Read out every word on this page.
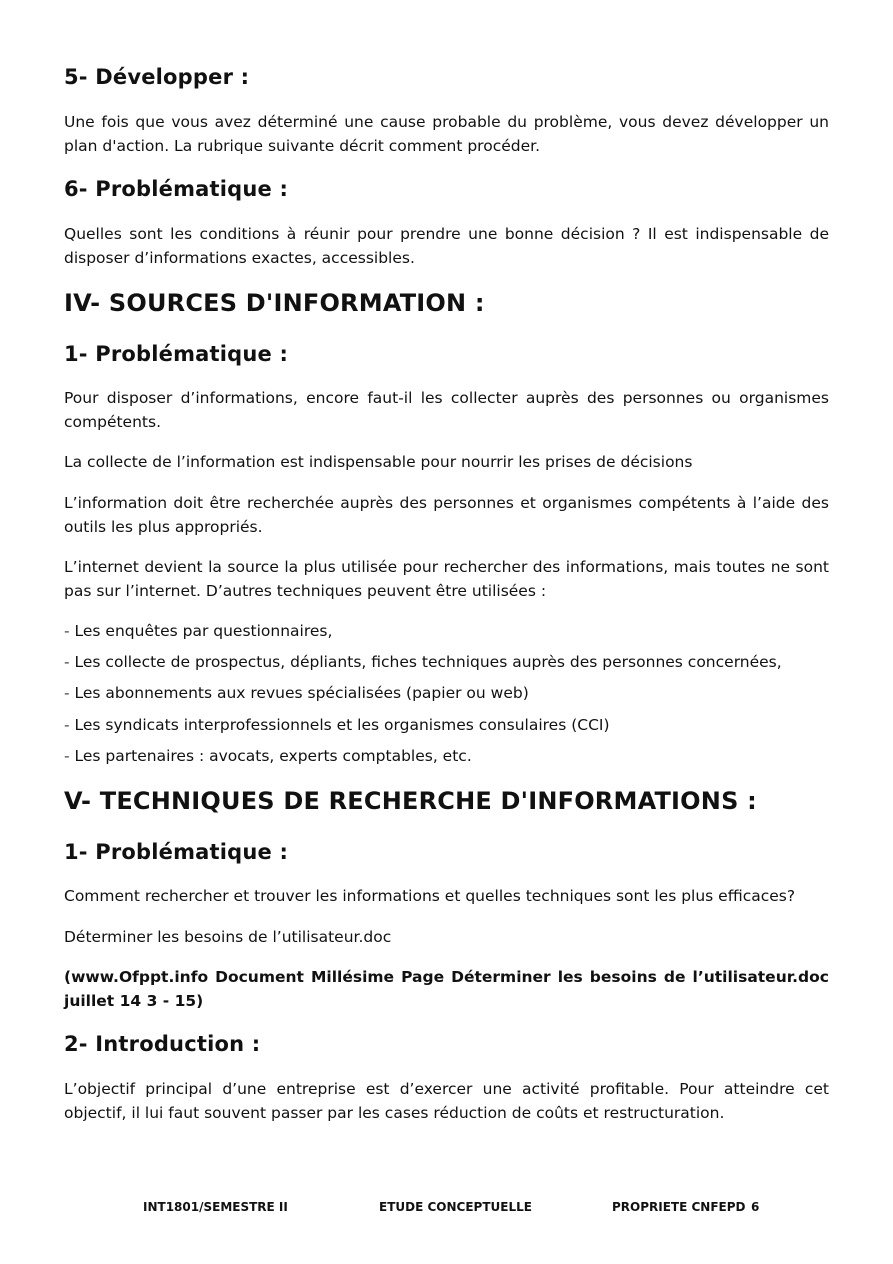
5- Développer :

Une fois que vous avez déterminé une cause probable du problème, vous devez développer un plan d'action. La rubrique suivante décrit comment procéder.

6- Problématique :

Quelles sont les conditions à réunir pour prendre une bonne décision ? Il est indispensable de disposer d’informations exactes, accessibles.

IV- SOURCES D'INFORMATION :
1- Problématique :

Pour disposer d’informations, encore faut-il les collecter auprès des personnes ou organismes compétents.

La collecte de l’information est indispensable pour nourrir les prises de décisions

L’information doit être recherchée auprès des personnes et organismes compétents à l’aide des outils les plus appropriés.

L’internet devient la source la plus utilisée pour rechercher des informations, mais toutes ne sont pas sur l’internet. D’autres techniques peuvent être utilisées :

- Les enquêtes par questionnaires,
- Les collecte de prospectus, dépliants, fiches techniques auprès des personnes concernées,
- Les abonnements aux revues spécialisées (papier ou web)
- Les syndicats interprofessionnels et les organismes consulaires (CCI)
- Les partenaires : avocats, experts comptables, etc.
V- TECHNIQUES DE RECHERCHE D'INFORMATIONS :
1- Problématique :

Comment rechercher et trouver les informations et quelles techniques sont les plus efficaces?

Déterminer les besoins de l’utilisateur.doc

(www.Ofppt.info Document Millésime Page Déterminer les besoins de l’utilisateur.doc juillet 14 3 - 15)

2- Introduction :

L’objectif principal d’une entreprise est d’exercer une activité profitable. Pour atteindre cet objectif, il lui faut souvent passer par les cases réduction de coûts et restructuration.

INT1801/SEMESTRE II	ETUDE CONCEPTUELLE	PROPRIETE CNFEPD 6
